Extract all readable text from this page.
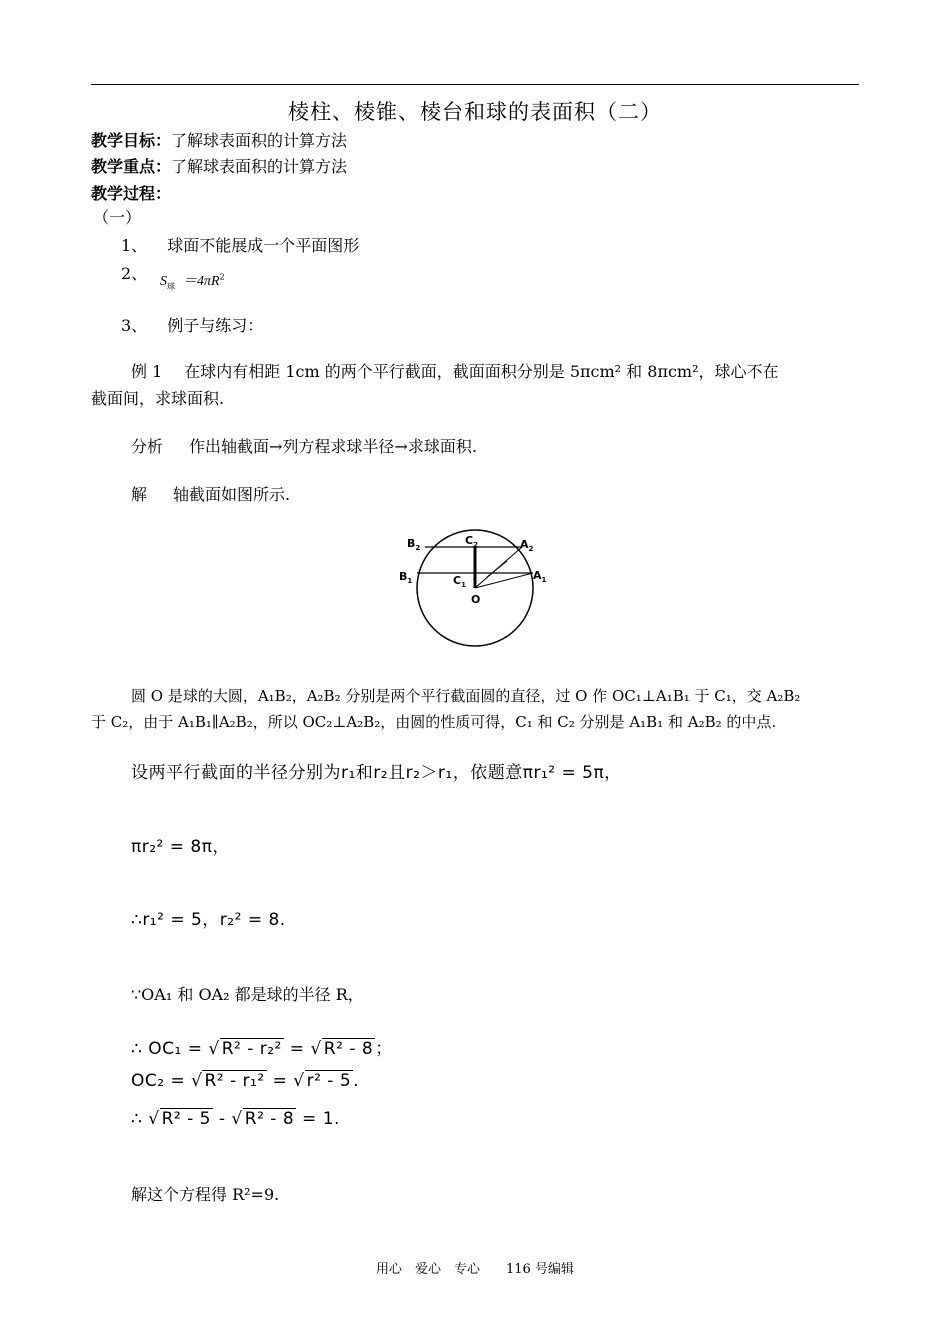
棱柱、棱锥、棱台和球的表面积（二）
教学目标：了解球表面积的计算方法
教学重点：了解球表面积的计算方法
教学过程：
（一）
1、 球面不能展成一个平面图形
2、 $S_球 =4\pi R^2$
3、 例子与练习：
例 1 在球内有相距 1cm 的两个平行截面，截面面积分别是 5πcm² 和 8πcm²，球心不在
截面间，求球面积.
分析 作出轴截面→列方程求球半径→求球面积.
解 轴截面如图所示.
$B_2$
$C_2$	$A_2$
$B_1$	$C_1$
$A_1$
O
圆 O 是球的大圆，A₁B₂，A₂B₂ 分别是两个平行截面圆的直径，过 O 作 OC₁⊥A₁B₁ 于 C₁，交 A₂B₂
于 C₂，由于 A₁B₁∥A₂B₂，所以 OC₂⊥A₂B₂，由圆的性质可得，C₁ 和 C₂ 分别是 A₁B₁ 和 A₂B₂ 的中点.
设两平行截面的半径分别为r₁和r₂且r₂＞r₁，依题意πr₁² = 5π，
πr₂² = 8π，
∴r₁² = 5，r₂² = 8.
∵OA₁ 和 OA₂ 都是球的半径 R，
∴ OC₁ = √ R² - r₂² = √ R² - 8 ；
OC₂ = √ R² - r₁² = √ r² - 5 .
∴ √ R² - 5 - √ R² - 8 = 1.
解这个方程得 R²=9.
用心　爱心　专心　　116 号编辑
